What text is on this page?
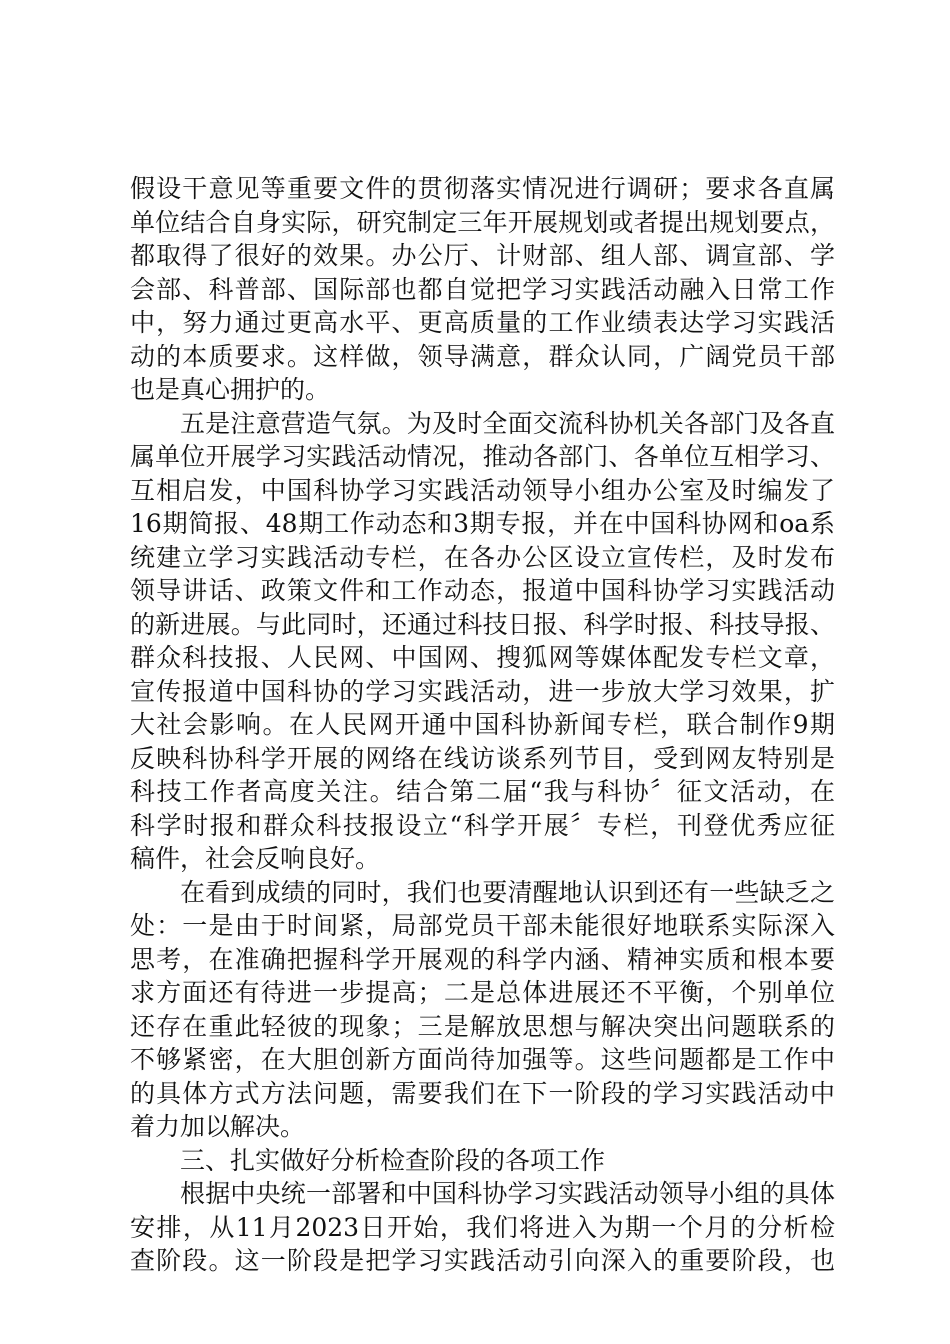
假设干意见等重要文件的贯彻落实情况进行调研；要求各直属
单位结合自身实际，研究制定三年开展规划或者提出规划要点，
都取得了很好的效果。办公厅、计财部、组人部、调宣部、学
会部、科普部、国际部也都自觉把学习实践活动融入日常工作
中，努力通过更高水平、更高质量的工作业绩表达学习实践活
动的本质要求。这样做，领导满意，群众认同，广阔党员干部
也是真心拥护的。
五是注意营造气氛。为及时全面交流科协机关各部门及各直
属单位开展学习实践活动情况，推动各部门、各单位互相学习、
互相启发，中国科协学习实践活动领导小组办公室及时编发了
16期简报、48期工作动态和3期专报，并在中国科协网和oa系
统建立学习实践活动专栏，在各办公区设立宣传栏，及时发布
领导讲话、政策文件和工作动态，报道中国科协学习实践活动
的新进展。与此同时，还通过科技日报、科学时报、科技导报、
群众科技报、人民网、中国网、搜狐网等媒体配发专栏文章，
宣传报道中国科协的学习实践活动，进一步放大学习效果，扩
大社会影响。在人民网开通中国科协新闻专栏，联合制作9期
反映科协科学开展的网络在线访谈系列节目，受到网友特别是
科技工作者高度关注。结合第二届“我与科协〞征文活动，在
科学时报和群众科技报设立“科学开展〞专栏，刊登优秀应征
稿件，社会反响良好。
在看到成绩的同时，我们也要清醒地认识到还有一些缺乏之
处：一是由于时间紧，局部党员干部未能很好地联系实际深入
思考，在准确把握科学开展观的科学内涵、精神实质和根本要
求方面还有待进一步提高；二是总体进展还不平衡，个别单位
还存在重此轻彼的现象；三是解放思想与解决突出问题联系的
不够紧密，在大胆创新方面尚待加强等。这些问题都是工作中
的具体方式方法问题，需要我们在下一阶段的学习实践活动中
着力加以解决。
三、扎实做好分析检查阶段的各项工作
根据中央统一部署和中国科协学习实践活动领导小组的具体
安排，从11月2023日开始，我们将进入为期一个月的分析检
查阶段。这一阶段是把学习实践活动引向深入的重要阶段，也
